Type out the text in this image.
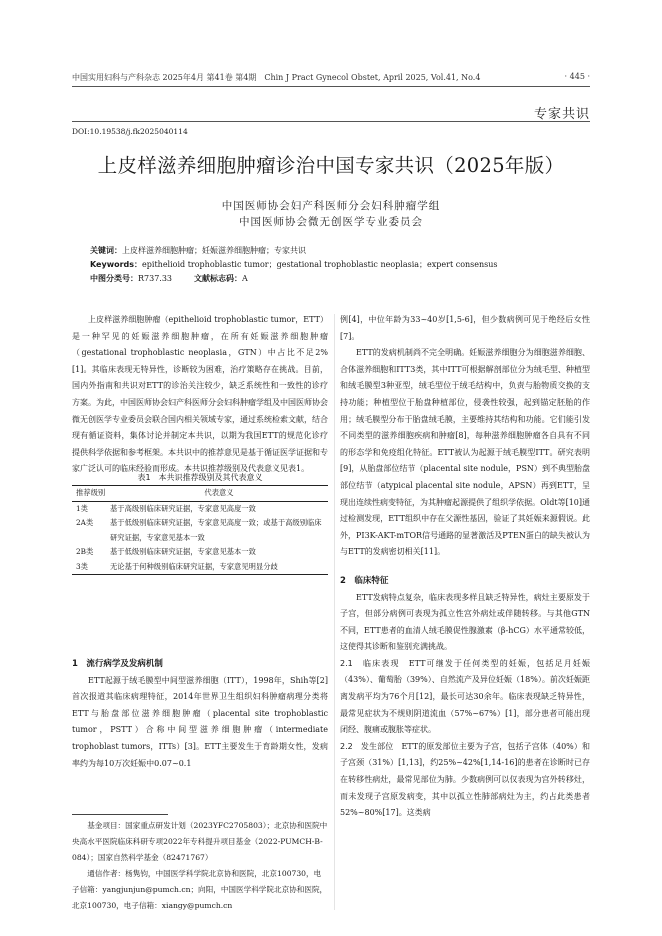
中国实用妇科与产科杂志 2025年4月 第41卷 第4期　Chin J Pract Gynecol Obstet, April 2025, Vol.41, No.4	· 445 ·
专家共识
DOI:10.19538/j.fk2025040114
上皮样滋养细胞肿瘤诊治中国专家共识（2025年版）
中国医师协会妇产科医师分会妇科肿瘤学组
中国医师协会微无创医学专业委员会
关键词：上皮样滋养细胞肿瘤；妊娠滋养细胞肿瘤；专家共识
Keywords：epithelioid trophoblastic tumor；gestational trophoblastic neoplasia；expert consensus
中图分类号：R737.33	文献标志码：A

上皮样滋养细胞肿瘤（epithelioid trophoblastic tumor，ETT）是一种罕见的妊娠滋养细胞肿瘤，在所有妊娠滋养细胞肿瘤（gestational trophoblastic neoplasia，GTN）中占比不足2%[1]。其临床表现无特异性，诊断较为困难，治疗策略存在挑战。目前，国内外指南和共识对ETT的诊治关注较少，缺乏系统性和一致性的诊疗方案。为此，中国医师协会妇产科医师分会妇科肿瘤学组及中国医师协会微无创医学专业委员会联合国内相关领域专家，通过系统检索文献，结合现有循证资料，集体讨论并制定本共识，以期为我国ETT的规范化诊疗提供科学依据和参考框架。本共识中的推荐意见是基于循证医学证据和专家广泛认可的临床经验而形成。本共识推荐级别及代表意义见表1。

表1　本共识推荐级别及其代表意义
推荐级别	代表意义
1类	基于高级别临床研究证据，专家意见高度一致
2A类	基于低级别临床研究证据，专家意见高度一致；或基于高级别临床研究证据，专家意见基本一致
2B类	基于低级别临床研究证据，专家意见基本一致
3类	无论基于何种级别临床研究证据，专家意见明显分歧
1　流行病学及发病机制

ETT起源于绒毛膜型中间型滋养细胞（ITT），1998年，Shih等[2]首次报道其临床病理特征，2014年世界卫生组织妇科肿瘤病理分类将ETT与胎盘部位滋养细胞肿瘤（placental site trophoblastic tumor，PSTT）合称中间型滋养细胞肿瘤（intermediate trophoblast tumors，ITTs）[3]。ETT主要发生于育龄期女性，发病率约为每10万次妊娠中0.07~0.1

基金项目：国家重点研发计划（2023YFC2705803）；北京协和医院中央高水平医院临床科研专项2022年专科提升项目基金（2022-PUMCH-B-084）；国家自然科学基金（82471767）

通信作者：杨隽钧，中国医学科学院北京协和医院，北京100730，电子信箱：yangjunjun@pumch.cn；向阳，中国医学科学院北京协和医院，北京100730，电子信箱：xiangy@pumch.cn

例[4]，中位年龄为33~40岁[1,5-6]，但少数病例可见于绝经后女性[7]。

ETT的发病机制尚不完全明确。妊娠滋养细胞分为细胞滋养细胞、合体滋养细胞和ITT3类，其中ITT可根据解剖部位分为绒毛型、种植型和绒毛膜型3种亚型，绒毛型位于绒毛结构中，负责与胎物质交换的支持功能；种植型位于胎盘种植部位，侵袭性较强，起到锚定胚胎的作用；绒毛膜型分布于胎盘绒毛膜，主要维持其结构和功能。它们能引发不同类型的滋养细胞疾病和肿瘤[8]，每种滋养细胞肿瘤各自具有不同的形态学和免疫组化特征。ETT被认为起源于绒毛膜型ITT。研究表明[9]，从胎盘部位结节（placental site nodule，PSN）到不典型胎盘部位结节（atypical placental site nodule，APSN）再到ETT，呈现出连续性病变特征，为其肿瘤起源提供了组织学依据。Oldt等[10]通过检测发现，ETT组织中存在父源性基因，验证了其妊娠来源假说。此外，PI3K-AKT-mTOR信号通路的显著激活及PTEN蛋白的缺失被认为与ETT的发病密切相关[11]。

2　临床特征

ETT发病特点复杂，临床表现多样且缺乏特异性，病灶主要原发于子宫，但部分病例可表现为孤立性宫外病灶或伴随转移。与其他GTN不同，ETT患者的血清人绒毛膜促性腺激素（β-hCG）水平通常较低，这使得其诊断和鉴别充满挑战。

2.1　临床表现　 ETT可继发于任何类型的妊娠，包括足月妊娠（43%）、葡萄胎（39%）、自然流产及异位妊娠（18%）。前次妊娠距离发病平均为76个月[12]，最长可达30余年。临床表现缺乏特异性，最常见症状为不规则阴道流血（57%~67%）[1]，部分患者可能出现闭经、腹痛或腹胀等症状。

2.2　发生部位　 ETT的原发部位主要为子宫，包括子宫体（40%）和子宫颈（31%）[1,13]，约25%~42%[1,14-16]的患者在诊断时已存在转移性病灶，最常见部位为肺。少数病例可以仅表现为宫外转移灶，而未发现子宫原发病变，其中以孤立性肺部病灶为主，约占此类患者52%~80%[17]。这类病
